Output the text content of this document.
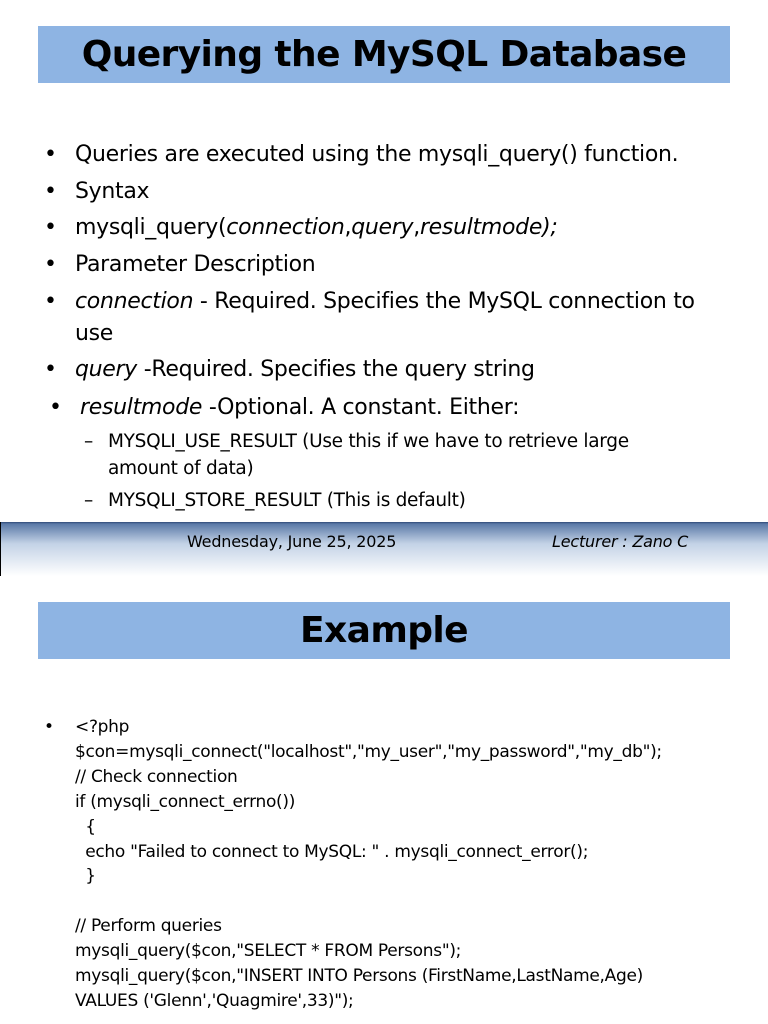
Querying the MySQL Database
• Queries are executed using the mysqli_query() function.
• Syntax
• mysqli_query(connection,query,resultmode);
• Parameter Description
• connection - Required. Specifies the MySQL connection to use
• query -Required. Specifies the query string
• resultmode -Optional. A constant. Either:
– MYSQLI_USE_RESULT (Use this if we have to retrieve large amount of data)
– MYSQLI_STORE_RESULT (This is default)
Wednesday, June 25, 2025	Lecturer : Zano C
Example
• <?php
$con=mysqli_connect("localhost","my_user","my_password","my_db");
// Check connection
if (mysqli_connect_errno())
{
echo "Failed to connect to MySQL: " . mysqli_connect_error();
}
// Perform queries
mysqli_query($con,"SELECT * FROM Persons");
mysqli_query($con,"INSERT INTO Persons (FirstName,LastName,Age)
VALUES ('Glenn','Quagmire',33)");
